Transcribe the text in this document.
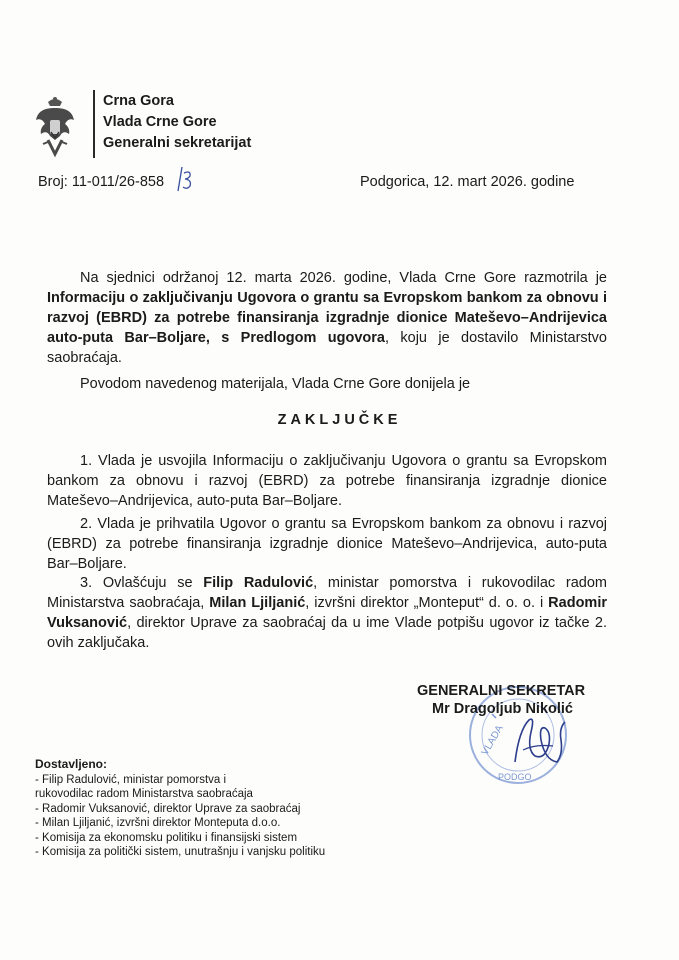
Crna Gora
Vlada Crne Gore
Generalni sekretarijat
Broj: 11-011/26-858	Podgorica, 12. mart 2026. godine
Na sjednici održanoj 12. marta 2026. godine, Vlada Crne Gore razmotrila je Informaciju o zaključivanju Ugovora o grantu sa Evropskom bankom za obnovu i razvoj (EBRD) za potrebe finansiranja izgradnje dionice Mateševo–Andrijevica auto-puta Bar–Boljare, s Predlogom ugovora, koju je dostavilo Ministarstvo saobraćaja.
Povodom navedenog materijala, Vlada Crne Gore donijela je
ZAKLJUČKE
1. Vlada je usvojila Informaciju o zaključivanju Ugovora o grantu sa Evropskom bankom za obnovu i razvoj (EBRD) za potrebe finansiranja izgradnje dionice Mateševo–Andrijevica, auto-puta Bar–Boljare.
2. Vlada je prihvatila Ugovor o grantu sa Evropskom bankom za obnovu i razvoj (EBRD) za potrebe finansiranja izgradnje dionice Mateševo–Andrijevica, auto-puta Bar–Boljare.
3. Ovlašćuju se Filip Radulović, ministar pomorstva i rukovodilac radom Ministarstva saobraćaja, Milan Ljiljanić, izvršni direktor „Monteput“ d. o. o. i Radomir Vuksanović, direktor Uprave za saobraćaj da u ime Vlade potpišu ugovor iz tačke 2. ovih zaključaka.
VLADA
PODGO
GENERALNI SEKRETAR
Mr Dragoljub Nikolić
Dostavljeno:
- Filip Radulović, ministar pomorstva i
rukovodilac radom Ministarstva saobraćaja
- Radomir Vuksanović, direktor Uprave za saobraćaj
- Milan Ljiljanić, izvršni direktor Monteputa d.o.o.
- Komisija za ekonomsku politiku i finansijski sistem
- Komisija za politički sistem, unutrašnju i vanjsku politiku
